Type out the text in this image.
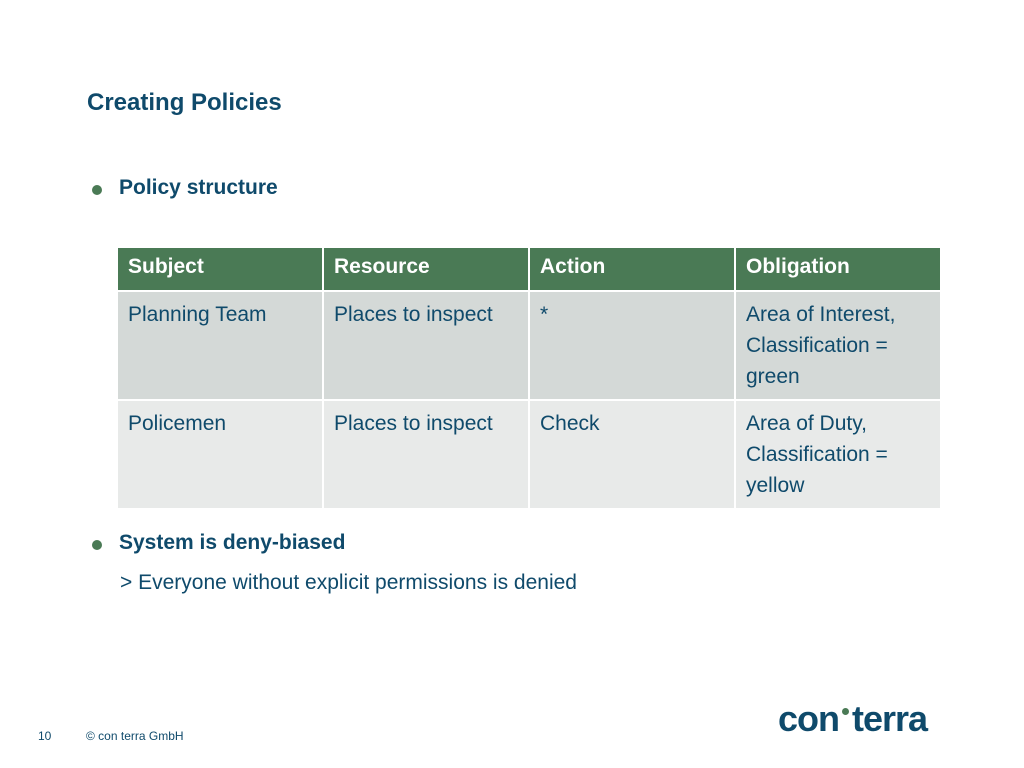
Creating Policies
Policy structure
Subject	Resource	Action	Obligation
Planning Team	Places to inspect	*	Area of Interest, Classification = green
Policemen	Places to inspect	Check	Area of Duty, Classification = yellow
System is deny-biased
> Everyone without explicit permissions is denied
10	© con terra GmbH	con terra
